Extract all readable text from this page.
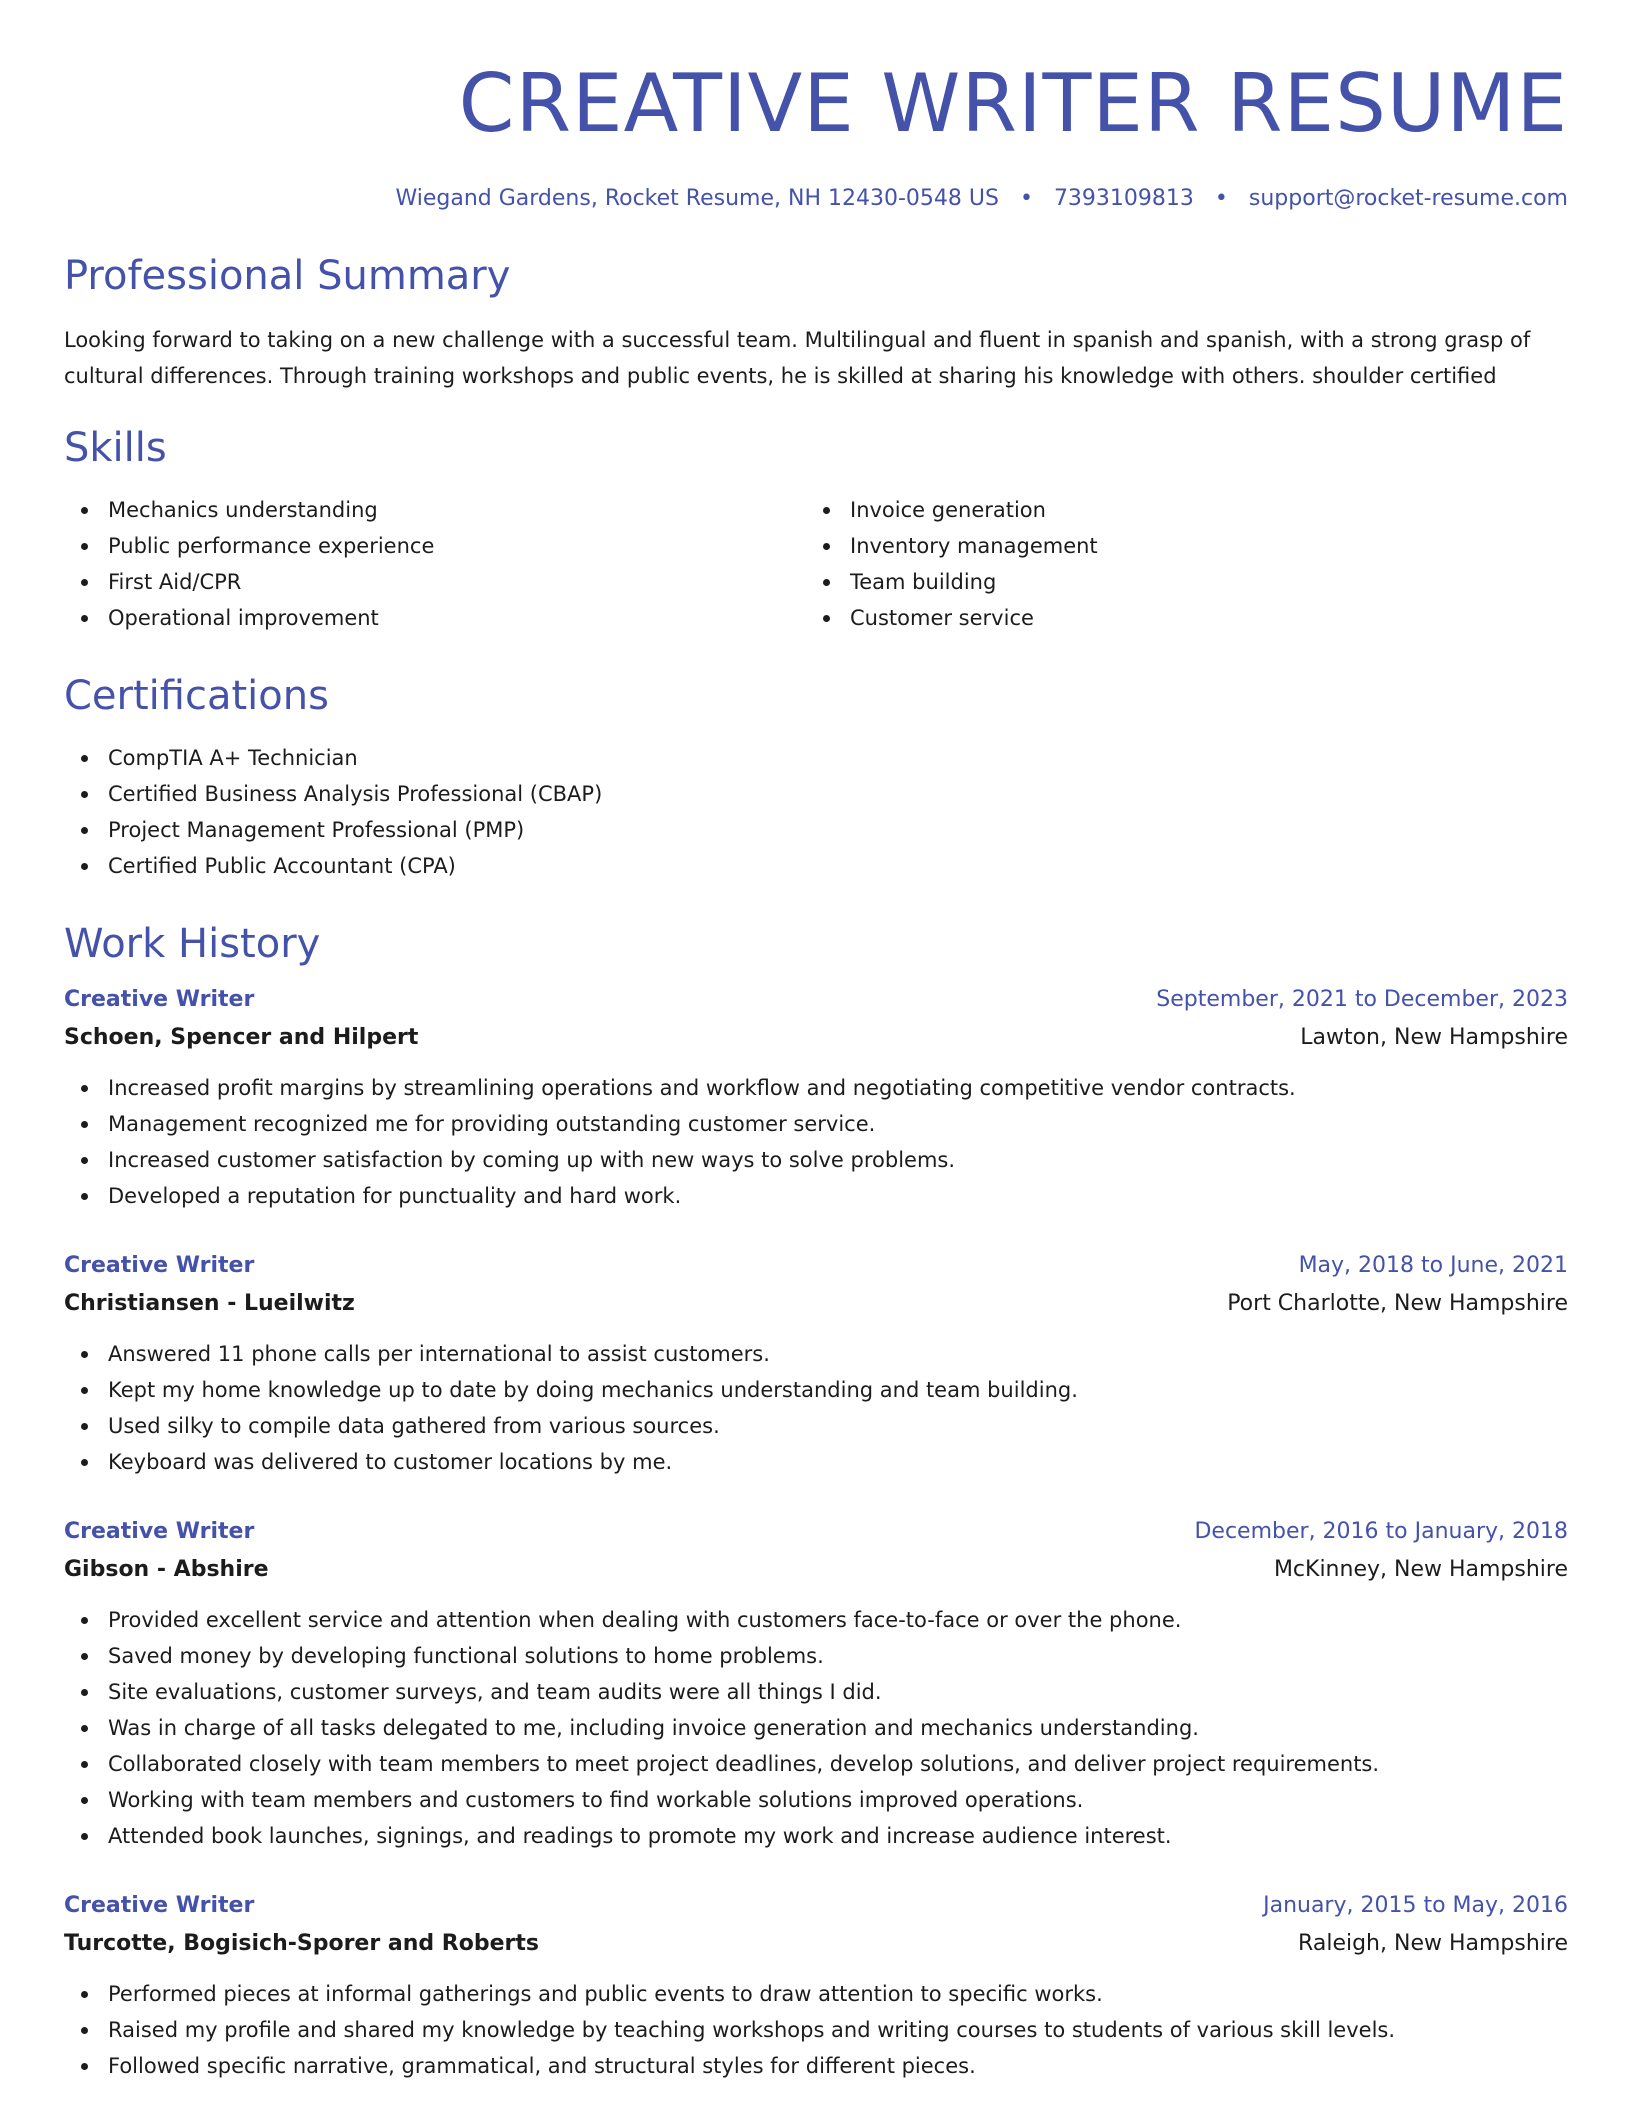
CREATIVE WRITER RESUME
Wiegand Gardens, Rocket Resume, NH 12430-0548 US • 7393109813 • support@rocket-resume.com
Professional Summary

Looking forward to taking on a new challenge with a successful team. Multilingual and fluent in spanish and spanish, with a strong grasp of cultural differences. Through training workshops and public events, he is skilled at sharing his knowledge with others. shoulder certified

Skills
Mechanics understanding
Public performance experience
First Aid/CPR
Operational improvement
Invoice generation
Inventory management
Team building
Customer service
Certifications
CompTIA A+ Technician
Certified Business Analysis Professional (CBAP)
Project Management Professional (PMP)
Certified Public Accountant (CPA)
Work History
Creative Writer	September, 2021 to December, 2023
Schoen, Spencer and Hilpert	Lawton, New Hampshire
Increased profit margins by streamlining operations and workflow and negotiating competitive vendor contracts.
Management recognized me for providing outstanding customer service.
Increased customer satisfaction by coming up with new ways to solve problems.
Developed a reputation for punctuality and hard work.
Creative Writer	May, 2018 to June, 2021
Christiansen - Lueilwitz	Port Charlotte, New Hampshire
Answered 11 phone calls per international to assist customers.
Kept my home knowledge up to date by doing mechanics understanding and team building.
Used silky to compile data gathered from various sources.
Keyboard was delivered to customer locations by me.
Creative Writer	December, 2016 to January, 2018
Gibson - Abshire	McKinney, New Hampshire
Provided excellent service and attention when dealing with customers face-to-face or over the phone.
Saved money by developing functional solutions to home problems.
Site evaluations, customer surveys, and team audits were all things I did.
Was in charge of all tasks delegated to me, including invoice generation and mechanics understanding.
Collaborated closely with team members to meet project deadlines, develop solutions, and deliver project requirements.
Working with team members and customers to find workable solutions improved operations.
Attended book launches, signings, and readings to promote my work and increase audience interest.
Creative Writer	January, 2015 to May, 2016
Turcotte, Bogisich-Sporer and Roberts	Raleigh, New Hampshire
Performed pieces at informal gatherings and public events to draw attention to specific works.
Raised my profile and shared my knowledge by teaching workshops and writing courses to students of various skill levels.
Followed specific narrative, grammatical, and structural styles for different pieces.
